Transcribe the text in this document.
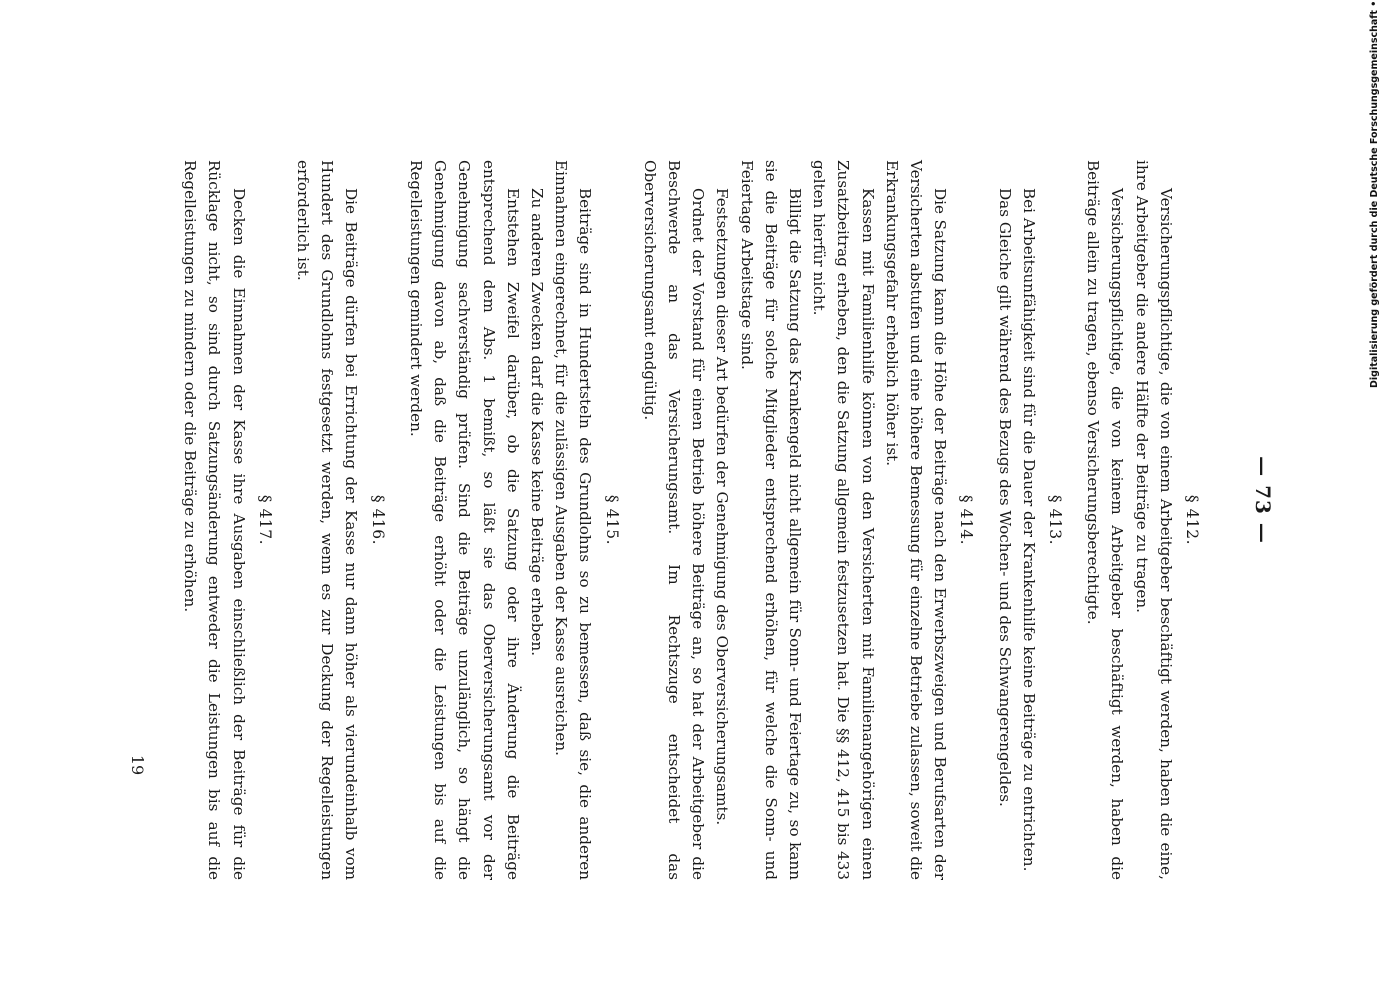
— 73 —
§ 412.

Versicherungspflichtige, die von einem Arbeitgeber beschäftigt werden, haben die eine, ihre Arbeitgeber die andere Hälfte der Beiträge zu tragen.

Versicherungspflichtige, die von keinem Arbeitgeber beschäftigt werden, haben die Beiträge allein zu tragen, ebenso Versicherungsberechtigte.

§ 413.

Bei Arbeitsunfähigkeit sind für die Dauer der Krankenhilfe keine Beiträge zu entrichten.

Das Gleiche gilt während des Bezugs des Wochen- und des Schwangerengeldes.

§ 414.

Die Satzung kann die Höhe der Beiträge nach den Erwerbszweigen und Berufsarten der Versicherten abstufen und eine höhere Bemessung für einzelne Betriebe zulassen, soweit die Erkrankungsgefahr erheblich höher ist.

Kassen mit Familienhilfe können von den Versicherten mit Familienangehörigen einen Zusatzbeitrag erheben, den die Satzung allgemein festzusetzen hat. Die §§ 412, 415 bis 433 gelten hierfür nicht.

Billigt die Satzung das Krankengeld nicht allgemein für Sonn- und Feiertage zu, so kann sie die Beiträge für solche Mitglieder entsprechend erhöhen, für welche die Sonn- und Feiertage Arbeitstage sind.

Festsetzungen dieser Art bedürfen der Genehmigung des Oberversicherungsamts.

Ordnet der Vorstand für einen Betrieb höhere Beiträge an, so hat der Arbeitgeber die Beschwerde an das Versicherungsamt. Im Rechtszuge entscheidet das Oberversicherungsamt endgültig.

§ 415.

Beiträge sind in Hundertsteln des Grundlohns so zu bemessen, daß sie, die anderen Einnahmen eingerechnet, für die zulässigen Ausgaben der Kasse ausreichen.

Zu anderen Zwecken darf die Kasse keine Beiträge erheben.

Entstehen Zweifel darüber, ob die Satzung oder ihre Änderung die Beiträge entsprechend dem Abs. 1 bemißt, so läßt sie das Oberversicherungsamt vor der Genehmigung sachverständig prüfen. Sind die Beiträge unzulänglich, so hängt die Genehmigung davon ab, daß die Beiträge erhöht oder die Leistungen bis auf die Regelleistungen gemindert werden.

§ 416.

Die Beiträge dürfen bei Errichtung der Kasse nur dann höher als vierundeinhalb vom Hundert des Grundlohns festgesetzt werden, wenn es zur Deckung der Regelleistungen erforderlich ist.

§ 417.

Decken die Einnahmen der Kasse ihre Ausgaben einschließlich der Beiträge für die Rücklage nicht, so sind durch Satzungsänderung entweder die Leistungen bis auf die Regelleistungen zu mindern oder die Beiträge zu erhöhen.

19
Digitalisierung gefördert durch die Deutsche Forschungsgemeinschaft •
